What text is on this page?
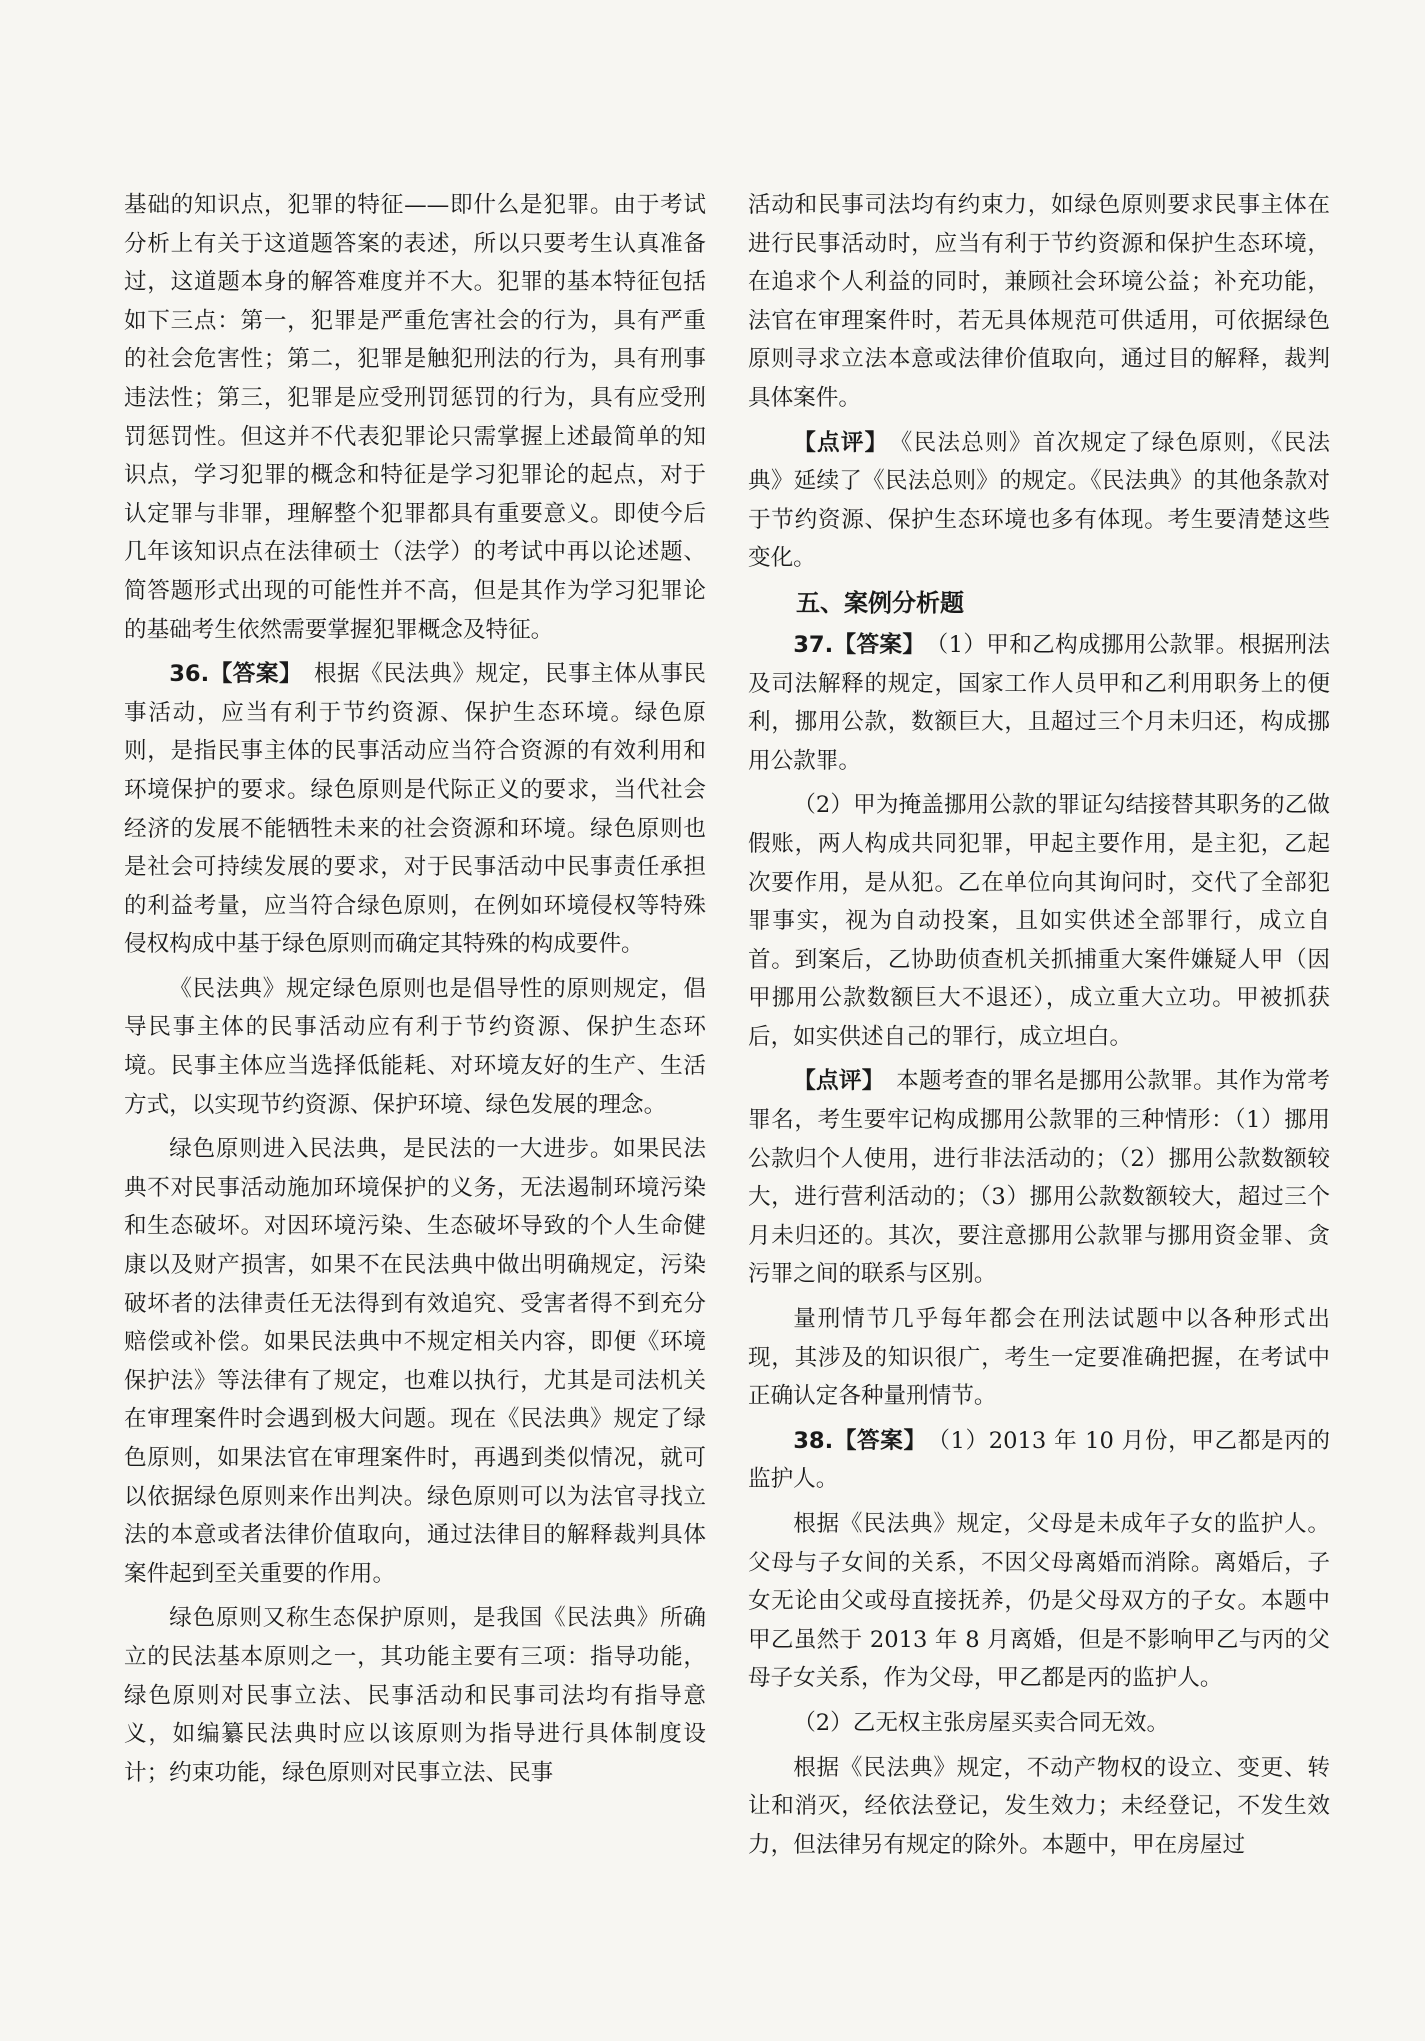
基础的知识点，犯罪的特征——即什么是犯罪。由于考试分析上有关于这道题答案的表述，所以只要考生认真准备过，这道题本身的解答难度并不大。犯罪的基本特征包括如下三点：第一，犯罪是严重危害社会的行为，具有严重的社会危害性；第二，犯罪是触犯刑法的行为，具有刑事违法性；第三，犯罪是应受刑罚惩罚的行为，具有应受刑罚惩罚性。但这并不代表犯罪论只需掌握上述最简单的知识点，学习犯罪的概念和特征是学习犯罪论的起点，对于认定罪与非罪，理解整个犯罪都具有重要意义。即使今后几年该知识点在法律硕士（法学）的考试中再以论述题、简答题形式出现的可能性并不高，但是其作为学习犯罪论的基础考生依然需要掌握犯罪概念及特征。

36.【答案】　 根据《民法典》规定，民事主体从事民事活动，应当有利于节约资源、保护生态环境。绿色原则，是指民事主体的民事活动应当符合资源的有效利用和环境保护的要求。绿色原则是代际正义的要求，当代社会经济的发展不能牺牲未来的社会资源和环境。绿色原则也是社会可持续发展的要求，对于民事活动中民事责任承担的利益考量，应当符合绿色原则，在例如环境侵权等特殊侵权构成中基于绿色原则而确定其特殊的构成要件。

《民法典》规定绿色原则也是倡导性的原则规定，倡导民事主体的民事活动应有利于节约资源、保护生态环境。民事主体应当选择低能耗、对环境友好的生产、生活方式，以实现节约资源、保护环境、绿色发展的理念。

绿色原则进入民法典，是民法的一大进步。如果民法典不对民事活动施加环境保护的义务，无法遏制环境污染和生态破坏。对因环境污染、生态破坏导致的个人生命健康以及财产损害，如果不在民法典中做出明确规定，污染破坏者的法律责任无法得到有效追究、受害者得不到充分赔偿或补偿。如果民法典中不规定相关内容，即便《环境保护法》等法律有了规定，也难以执行，尤其是司法机关在审理案件时会遇到极大问题。现在《民法典》规定了绿色原则，如果法官在审理案件时，再遇到类似情况，就可以依据绿色原则来作出判决。绿色原则可以为法官寻找立法的本意或者法律价值取向，通过法律目的解释裁判具体案件起到至关重要的作用。

绿色原则又称生态保护原则，是我国《民法典》所确立的民法基本原则之一，其功能主要有三项：指导功能，绿色原则对民事立法、民事活动和民事司法均有指导意义，如编纂民法典时应以该原则为指导进行具体制度设计；约束功能，绿色原则对民事立法、民事

活动和民事司法均有约束力，如绿色原则要求民事主体在进行民事活动时，应当有利于节约资源和保护生态环境，在追求个人利益的同时，兼顾社会环境公益；补充功能，法官在审理案件时，若无具体规范可供适用，可依据绿色原则寻求立法本意或法律价值取向，通过目的解释，裁判具体案件。

【点评】　 《民法总则》首次规定了绿色原则，《民法典》延续了《民法总则》的规定。《民法典》的其他条款对于节约资源、保护生态环境也多有体现。考生要清楚这些变化。

五、案例分析题

37.【答案】　 （1）甲和乙构成挪用公款罪。根据刑法及司法解释的规定，国家工作人员甲和乙利用职务上的便利，挪用公款，数额巨大，且超过三个月未归还，构成挪用公款罪。

（2）甲为掩盖挪用公款的罪证勾结接替其职务的乙做假账，两人构成共同犯罪，甲起主要作用，是主犯，乙起次要作用，是从犯。乙在单位向其询问时，交代了全部犯罪事实，视为自动投案，且如实供述全部罪行，成立自首。到案后，乙协助侦查机关抓捕重大案件嫌疑人甲（因甲挪用公款数额巨大不退还），成立重大立功。甲被抓获后，如实供述自己的罪行，成立坦白。

【点评】　 本题考查的罪名是挪用公款罪。其作为常考罪名，考生要牢记构成挪用公款罪的三种情形：（1）挪用公款归个人使用，进行非法活动的；（2）挪用公款数额较大，进行营利活动的；（3）挪用公款数额较大，超过三个月未归还的。其次，要注意挪用公款罪与挪用资金罪、贪污罪之间的联系与区别。

量刑情节几乎每年都会在刑法试题中以各种形式出现，其涉及的知识很广，考生一定要准确把握，在考试中正确认定各种量刑情节。

38.【答案】　 （1）2013 年 10 月份，甲乙都是丙的监护人。

根据《民法典》规定，父母是未成年子女的监护人。父母与子女间的关系，不因父母离婚而消除。离婚后，子女无论由父或母直接抚养，仍是父母双方的子女。本题中甲乙虽然于 2013 年 8 月离婚，但是不影响甲乙与丙的父母子女关系，作为父母，甲乙都是丙的监护人。

（2）乙无权主张房屋买卖合同无效。

根据《民法典》规定，不动产物权的设立、变更、转让和消灭，经依法登记，发生效力；未经登记，不发生效力，但法律另有规定的除外。本题中，甲在房屋过
